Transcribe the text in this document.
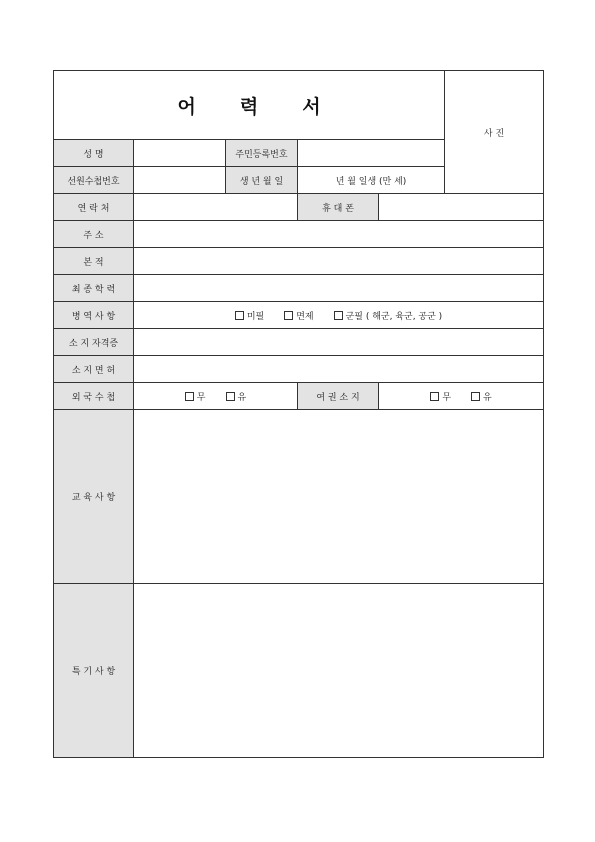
어 력 서					사 진
성 명		주민등록번호			
선원수첩번호		생 년 월 일	년 월 일생 (만 세)		
연 락 처			휴 대 폰		
주 소					
본 적					
최 종 학 력					
병 역 사 항	미필 면제 군필 ( 해군, 육군, 공군 )				
소 지 자격증					
소 지 면 허					
외 국 수 첩	무 유		여 권 소 지	무 유	
교 육 사 항					
특 기 사 항					
